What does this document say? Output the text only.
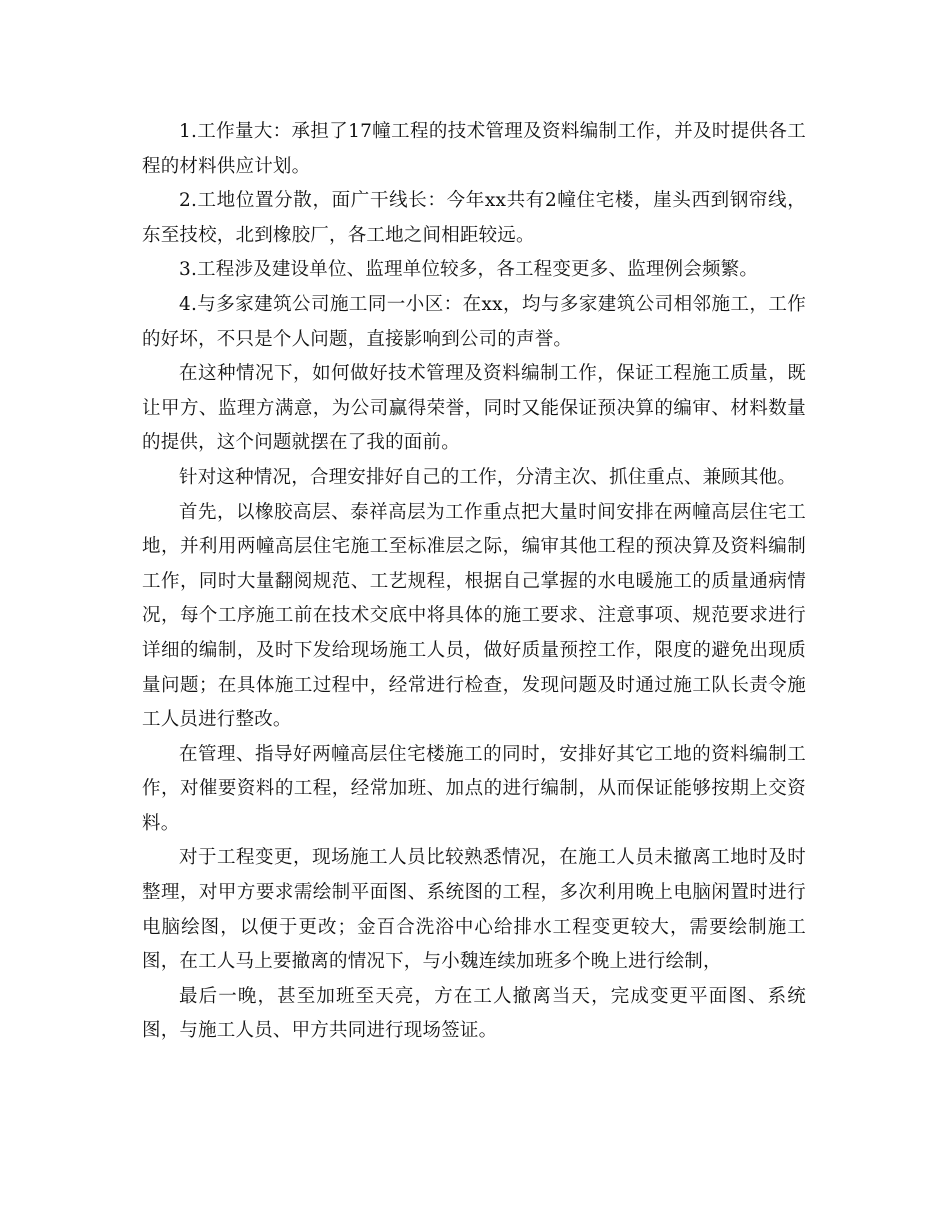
1.工作量大：承担了17幢工程的技术管理及资料编制工作，并及时提供各工程的材料供应计划。

2.工地位置分散，面广干线长：今年xx共有2幢住宅楼，崖头西到钢帘线，东至技校，北到橡胶厂，各工地之间相距较远。

3.工程涉及建设单位、监理单位较多，各工程变更多、监理例会频繁。

4.与多家建筑公司施工同一小区：在xx，均与多家建筑公司相邻施工，工作的好坏，不只是个人问题，直接影响到公司的声誉。

在这种情况下，如何做好技术管理及资料编制工作，保证工程施工质量，既让甲方、监理方满意，为公司赢得荣誉，同时又能保证预决算的编审、材料数量的提供，这个问题就摆在了我的面前。

针对这种情况，合理安排好自己的工作，分清主次、抓住重点、兼顾其他。

首先，以橡胶高层、泰祥高层为工作重点把大量时间安排在两幢高层住宅工地，并利用两幢高层住宅施工至标准层之际，编审其他工程的预决算及资料编制工作，同时大量翻阅规范、工艺规程，根据自己掌握的水电暖施工的质量通病情况，每个工序施工前在技术交底中将具体的施工要求、注意事项、规范要求进行详细的编制，及时下发给现场施工人员，做好质量预控工作，限度的避免出现质量问题；在具体施工过程中，经常进行检查，发现问题及时通过施工队长责令施工人员进行整改。

在管理、指导好两幢高层住宅楼施工的同时，安排好其它工地的资料编制工作，对催要资料的工程，经常加班、加点的进行编制，从而保证能够按期上交资料。

对于工程变更，现场施工人员比较熟悉情况，在施工人员未撤离工地时及时整理，对甲方要求需绘制平面图、系统图的工程，多次利用晚上电脑闲置时进行电脑绘图，以便于更改；金百合洗浴中心给排水工程变更较大，需要绘制施工图，在工人马上要撤离的情况下，与小魏连续加班多个晚上进行绘制，

最后一晚，甚至加班至天亮，方在工人撤离当天，完成变更平面图、系统图，与施工人员、甲方共同进行现场签证。
